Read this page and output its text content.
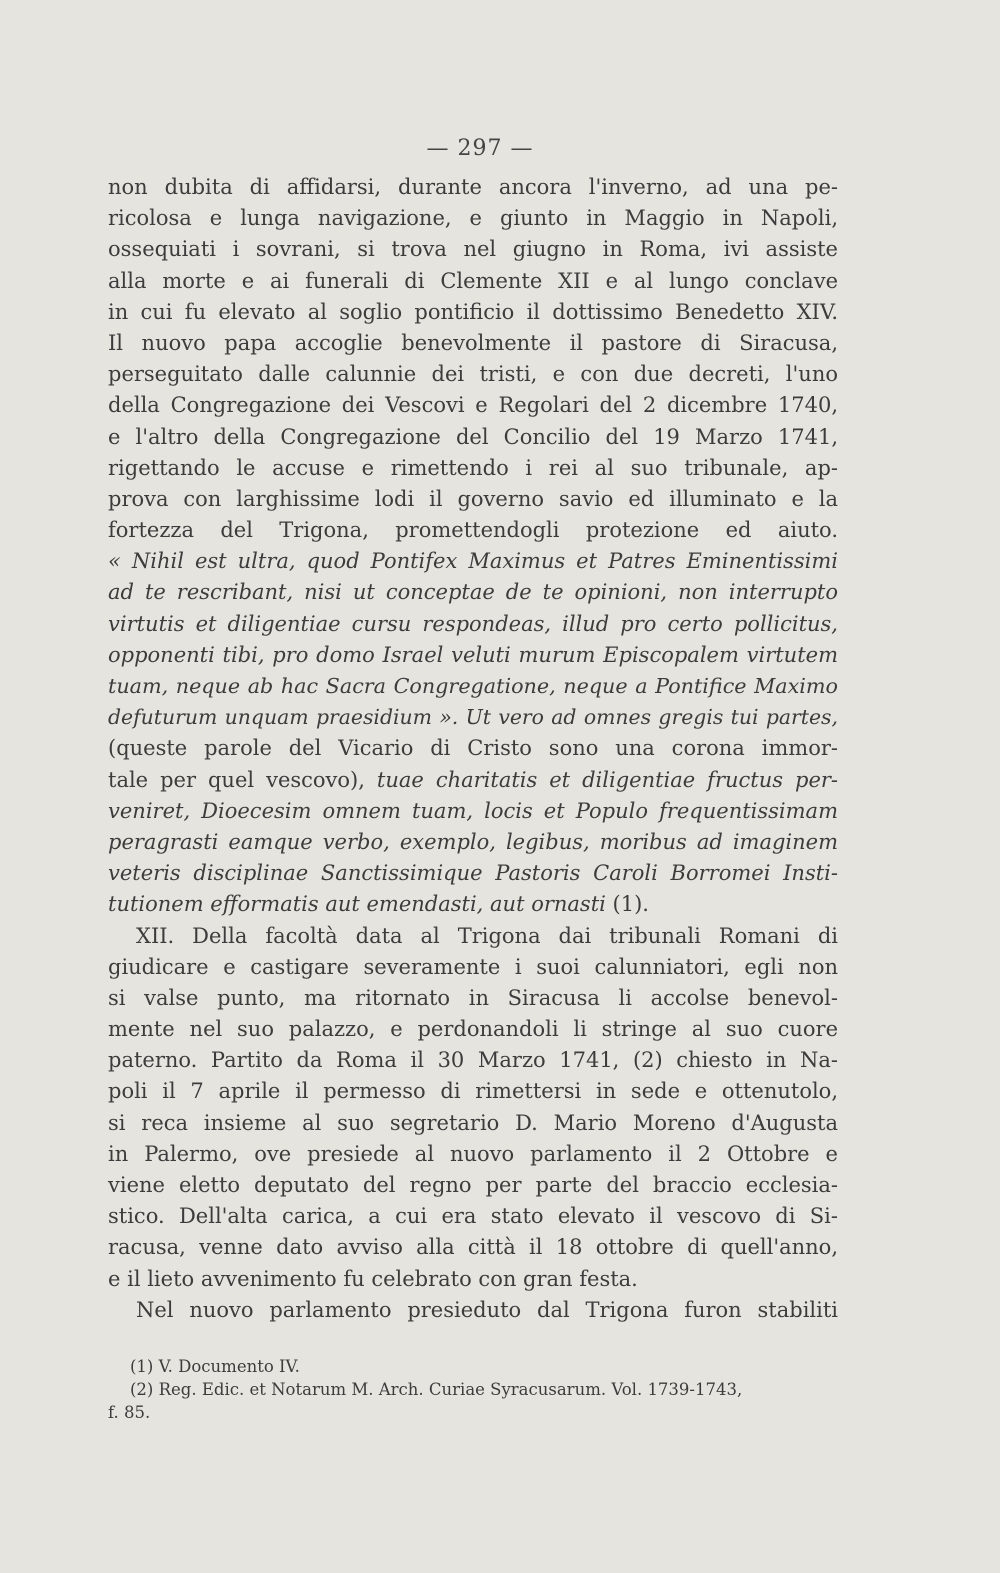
— 297 —
non dubita di affidarsi, durante ancora l'inverno, ad una pe-
ricolosa e lunga navigazione, e giunto in Maggio in Napoli,
ossequiati i sovrani, si trova nel giugno in Roma, ivi assiste
alla morte e ai funerali di Clemente XII e al lungo conclave
in cui fu elevato al soglio pontificio il dottissimo Benedetto XIV.
Il nuovo papa accoglie benevolmente il pastore di Siracusa,
perseguitato dalle calunnie dei tristi, e con due decreti, l'uno
della Congregazione dei Vescovi e Regolari del 2 dicembre 1740,
e l'altro della Congregazione del Concilio del 19 Marzo 1741,
rigettando le accuse e rimettendo i rei al suo tribunale, ap-
prova con larghissime lodi il governo savio ed illuminato e la
fortezza del Trigona, promettendogli protezione ed aiuto.
« Nihil est ultra, quod Pontifex Maximus et Patres Eminentissimi
ad te rescribant, nisi ut conceptae de te opinioni, non interrupto
virtutis et diligentiae cursu respondeas, illud pro certo pollicitus,
opponenti tibi, pro domo Israel veluti murum Episcopalem virtutem
tuam, neque ab hac Sacra Congregatione, neque a Pontifice Maximo
defuturum unquam praesidium ». Ut vero ad omnes gregis tui partes,
(queste parole del Vicario di Cristo sono una corona immor-
tale per quel vescovo), tuae charitatis et diligentiae fructus per-
veniret, Dioecesim omnem tuam, locis et Populo frequentissimam
peragrasti eamque verbo, exemplo, legibus, moribus ad imaginem
veteris disciplinae Sanctissimique Pastoris Caroli Borromei Insti-
tutionem efformatis aut emendasti, aut ornasti (1).
XII. Della facoltà data al Trigona dai tribunali Romani di
giudicare e castigare severamente i suoi calunniatori, egli non
si valse punto, ma ritornato in Siracusa li accolse benevol-
mente nel suo palazzo, e perdonandoli li stringe al suo cuore
paterno. Partito da Roma il 30 Marzo 1741, (2) chiesto in Na-
poli il 7 aprile il permesso di rimettersi in sede e ottenutolo,
si reca insieme al suo segretario D. Mario Moreno d'Augusta
in Palermo, ove presiede al nuovo parlamento il 2 Ottobre e
viene eletto deputato del regno per parte del braccio ecclesia-
stico. Dell'alta carica, a cui era stato elevato il vescovo di Si-
racusa, venne dato avviso alla città il 18 ottobre di quell'anno,
e il lieto avvenimento fu celebrato con gran festa.
Nel nuovo parlamento presieduto dal Trigona furon stabiliti
(1) V. Documento IV.
(2) Reg. Edic. et Notarum M. Arch. Curiae Syracusarum. Vol. 1739-1743,
f. 85.
